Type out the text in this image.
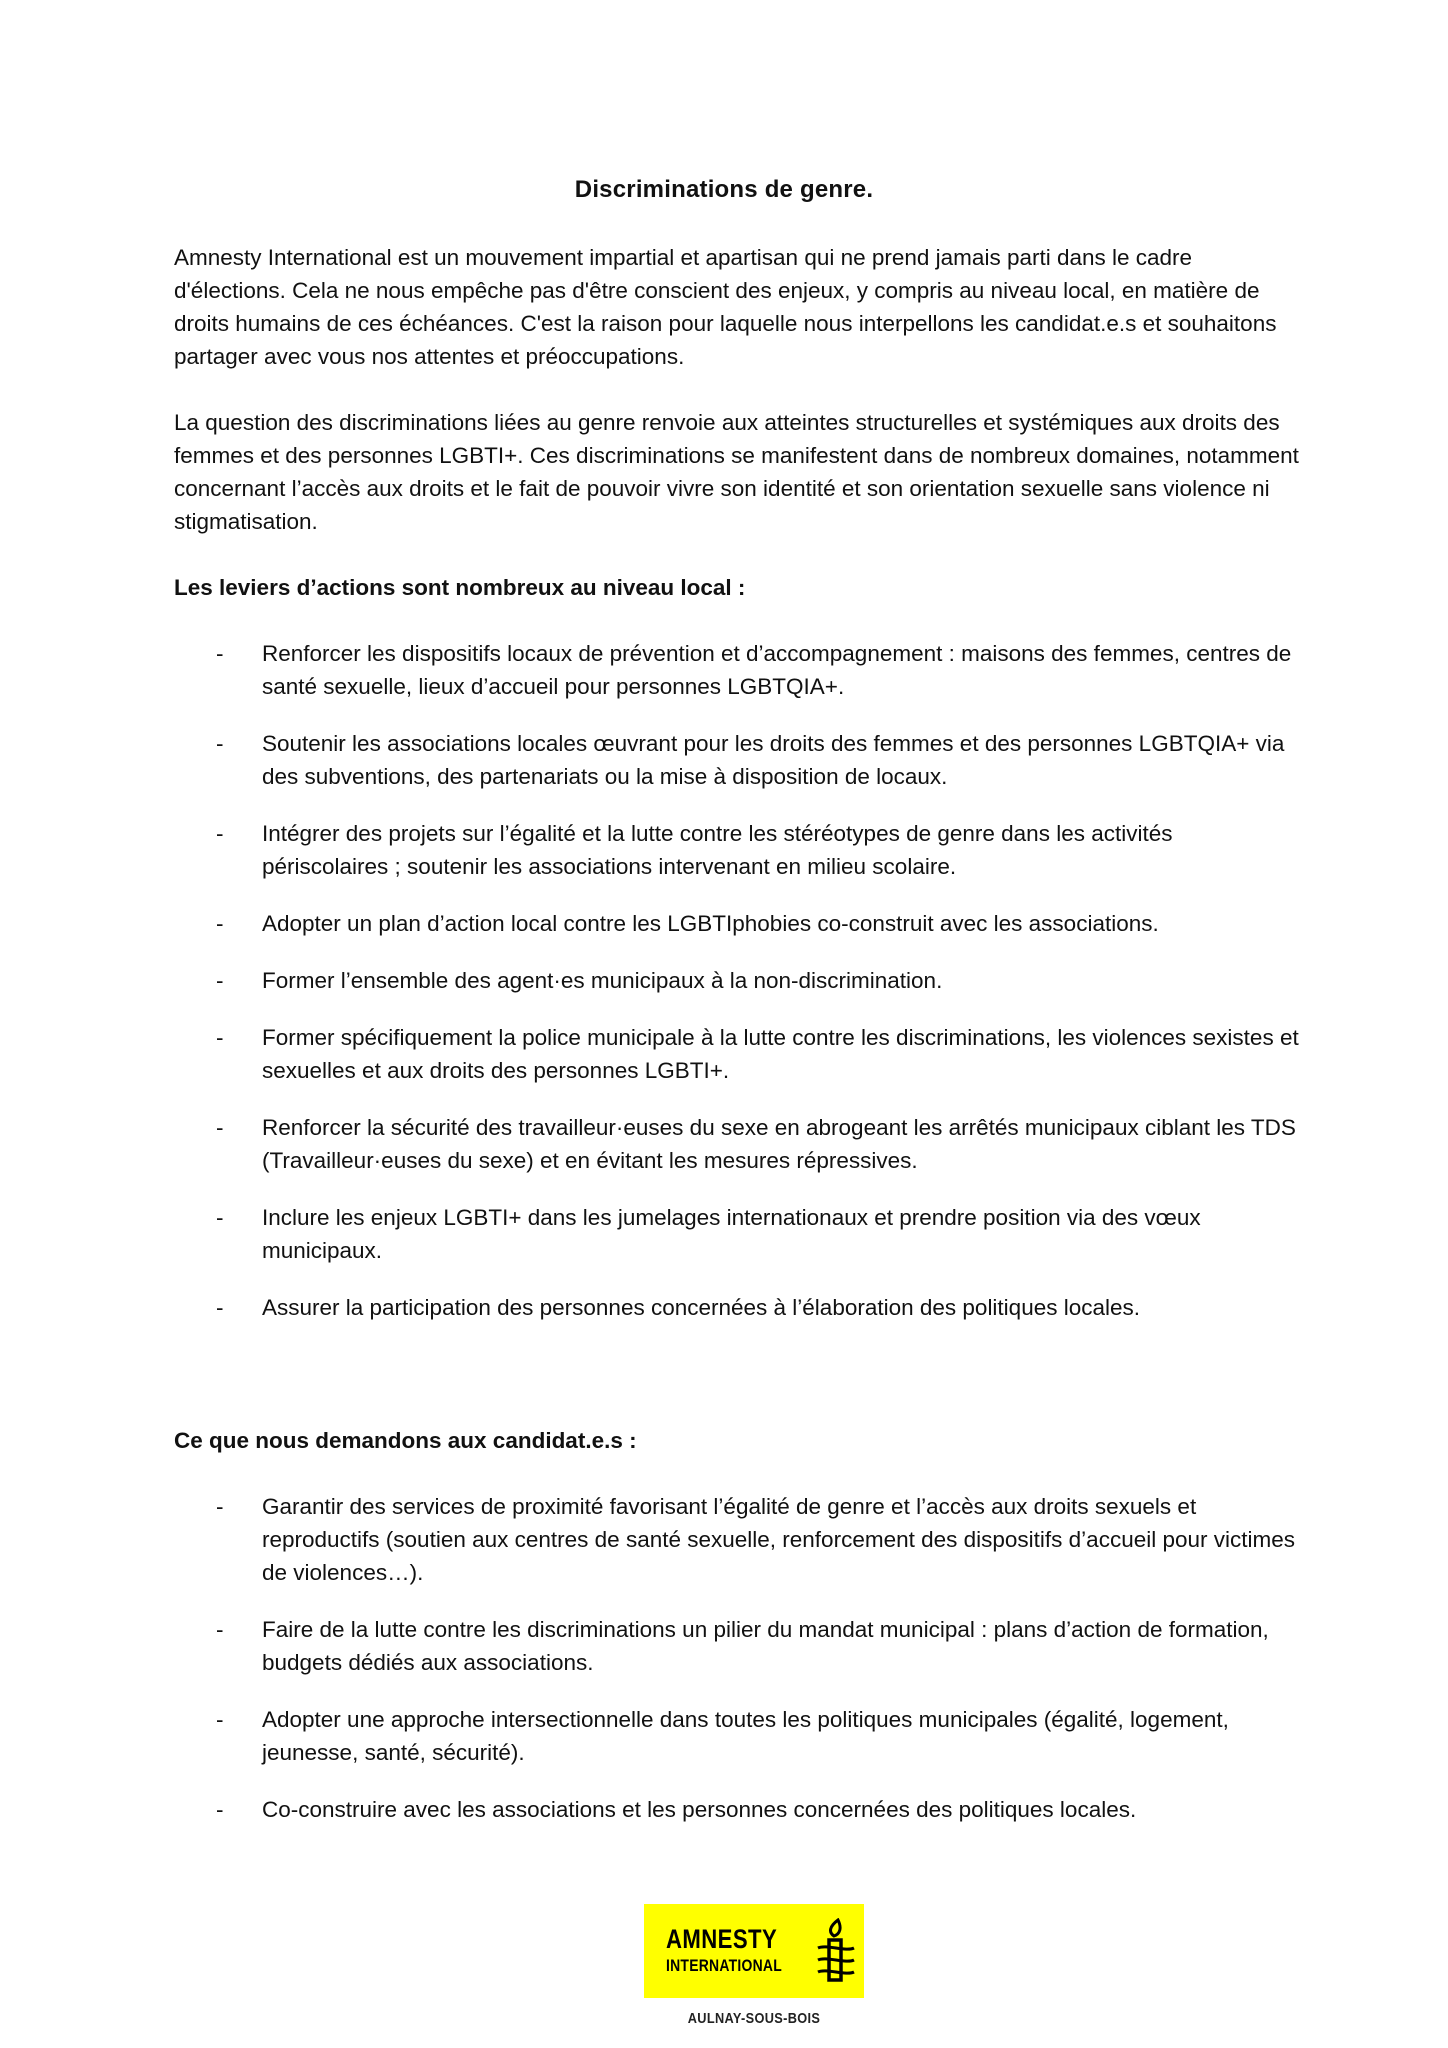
Discriminations de genre.
Amnesty International est un mouvement impartial et apartisan qui ne prend jamais parti dans le cadre d'élections. Cela ne nous empêche pas d'être conscient des enjeux, y compris au niveau local, en matière de droits humains de ces échéances. C'est la raison pour laquelle nous interpellons les candidat.e.s et souhaitons partager avec vous nos attentes et préoccupations.
La question des discriminations liées au genre renvoie aux atteintes structurelles et systémiques aux droits des femmes et des personnes LGBTI+. Ces discriminations se manifestent dans de nombreux domaines, notamment concernant l’accès aux droits et le fait de pouvoir vivre son identité et son orientation sexuelle sans violence ni stigmatisation.
Les leviers d’actions sont nombreux au niveau local :
- Renforcer les dispositifs locaux de prévention et d’accompagnement : maisons des femmes, centres de santé sexuelle, lieux d’accueil pour personnes LGBTQIA+.
- Soutenir les associations locales œuvrant pour les droits des femmes et des personnes LGBTQIA+ via des subventions, des partenariats ou la mise à disposition de locaux.
- Intégrer des projets sur l’égalité et la lutte contre les stéréotypes de genre dans les activités périscolaires ; soutenir les associations intervenant en milieu scolaire.
- Adopter un plan d’action local contre les LGBTIphobies co-construit avec les associations.
- Former l’ensemble des agent·es municipaux à la non-discrimination.
- Former spécifiquement la police municipale à la lutte contre les discriminations, les violences sexistes et sexuelles et aux droits des personnes LGBTI+.
- Renforcer la sécurité des travailleur·euses du sexe en abrogeant les arrêtés municipaux ciblant les TDS (Travailleur·euses du sexe) et en évitant les mesures répressives.
- Inclure les enjeux LGBTI+ dans les jumelages internationaux et prendre position via des vœux municipaux.
- Assurer la participation des personnes concernées à l’élaboration des politiques locales.
Ce que nous demandons aux candidat.e.s :
- Garantir des services de proximité favorisant l’égalité de genre et l’accès aux droits sexuels et reproductifs (soutien aux centres de santé sexuelle, renforcement des dispositifs d’accueil pour victimes de violences…).
- Faire de la lutte contre les discriminations un pilier du mandat municipal : plans d’action de formation, budgets dédiés aux associations.
- Adopter une approche intersectionnelle dans toutes les politiques municipales (égalité, logement, jeunesse, santé, sécurité).
- Co-construire avec les associations et les personnes concernées des politiques locales.
AMNESTY
INTERNATIONAL
AULNAY-SOUS-BOIS
